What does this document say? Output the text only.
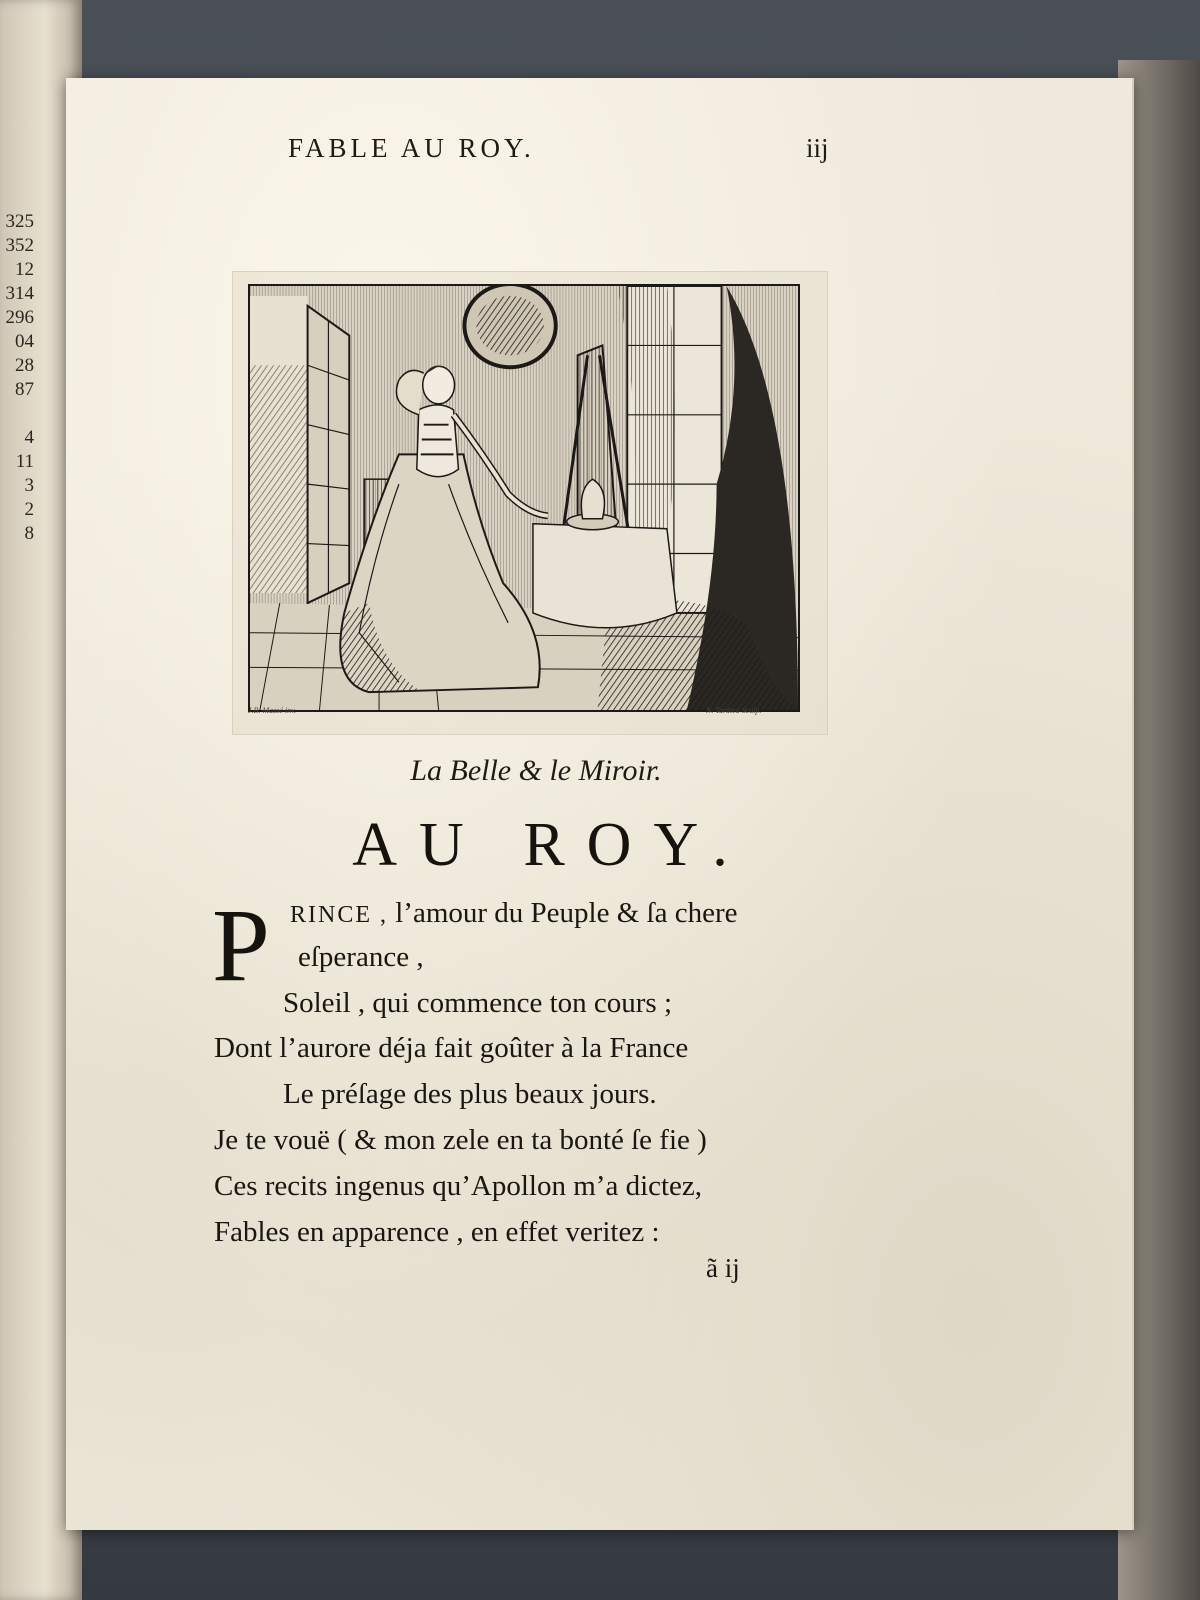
325
352
12
314
296
04
28
87
4
11
3
2
8
FABLE AU ROY.	iij
J.B. Massé inv.	N. Tardieu Sculp.
La Belle & le Miroir.
AU ROY.
P RINCE , l’amour du Peuple & ſa chere
eſperance ,
Soleil , qui commence ton cours ;
Dont l’aurore déja fait goûter à la France
Le préſage des plus beaux jours.
Je te vouë ( & mon zele en ta bonté ſe fie )
Ces recits ingenus qu’Apollon m’a dictez,
Fables en apparence , en effet veritez :
ã ij
